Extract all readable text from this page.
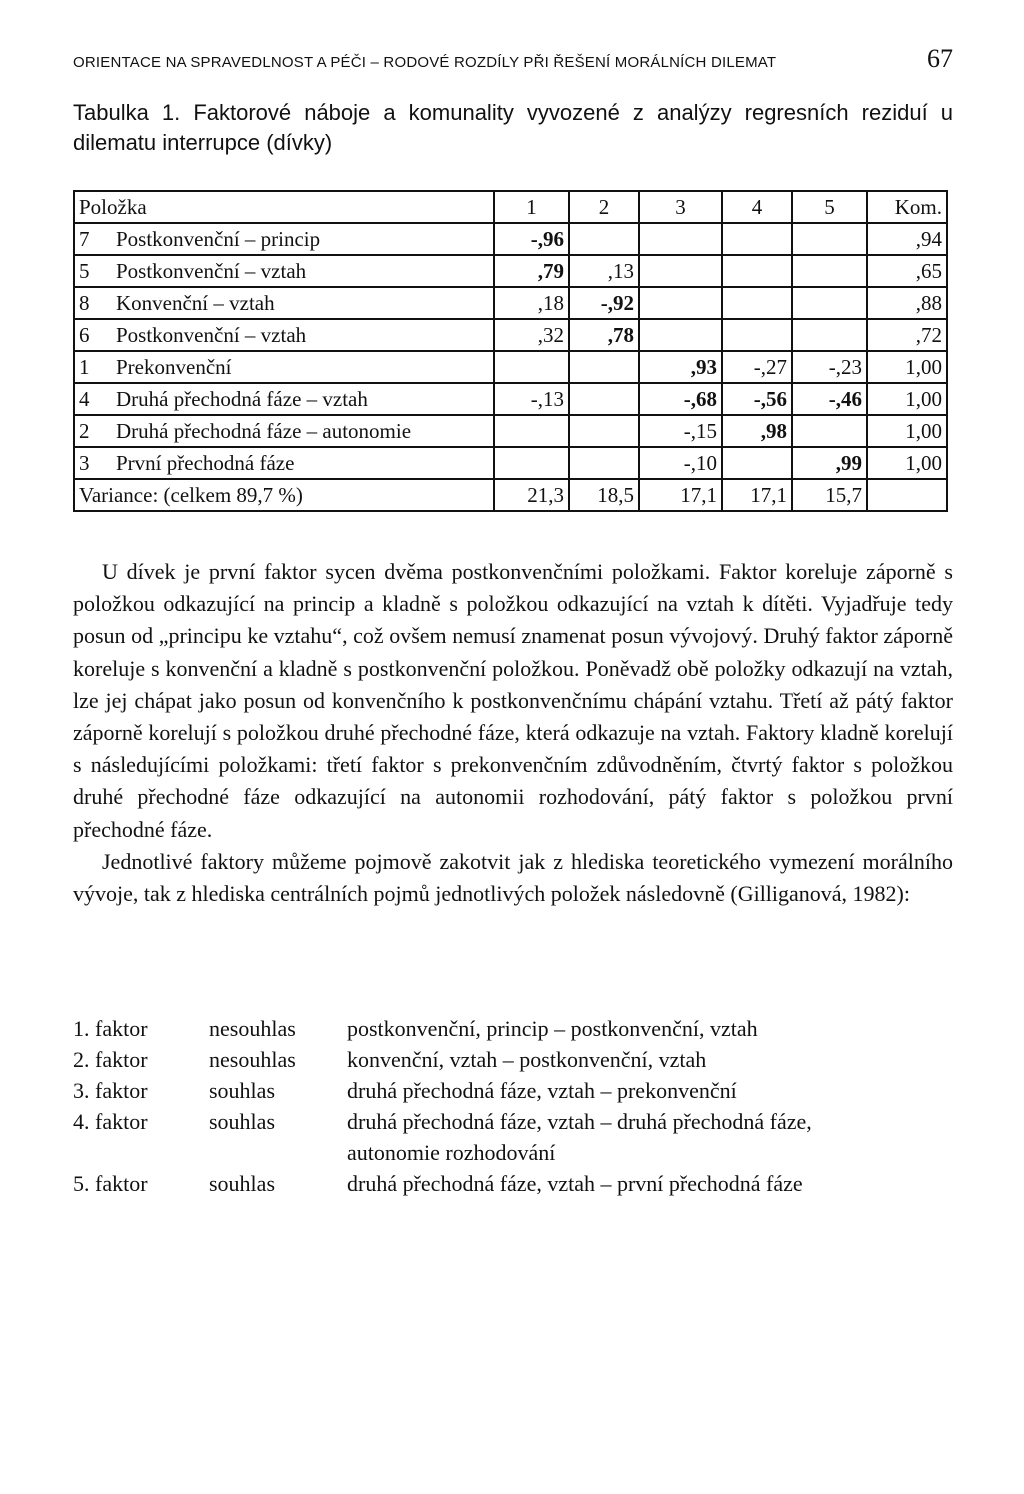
ORIENTACE NA SPRAVEDLNOST A PÉČI – RODOVÉ ROZDÍLY PŘI ŘEŠENÍ MORÁLNÍCH DILEMAT	67
Tabulka 1. Faktorové náboje a komunality vyvozené z analýzy regresních reziduí u dilematu interrupce (dívky)
Položka	1	2	3	4	5	Kom.
7 Postkonvenční – princip	-,96					,94
5 Postkonvenční – vztah	,79	,13				,65
8 Konvenční – vztah	,18	-,92				,88
6 Postkonvenční – vztah	,32	,78				,72
1 Prekonvenční			,93	-,27	-,23	1,00
4 Druhá přechodná fáze – vztah	-,13		-,68	-,56	-,46	1,00
2 Druhá přechodná fáze – autonomie			-,15	,98		1,00
3 První přechodná fáze			-,10		,99	1,00
Variance: (celkem 89,7 %)	21,3	18,5	17,1	17,1	15,7	

U dívek je první faktor sycen dvěma postkonvenčními položkami. Faktor koreluje záporně s položkou odkazující na princip a kladně s položkou odkazující na vztah k dítěti. Vyjadřuje tedy posun od „principu ke vztahu“, což ovšem nemusí znamenat posun vývojový. Druhý faktor záporně koreluje s konvenční a kladně s postkonvenční položkou. Poněvadž obě položky odkazují na vztah, lze jej chápat jako posun od konvenčního k postkonvenčnímu chápání vztahu. Třetí až pátý faktor záporně korelují s položkou druhé přechodné fáze, která odkazuje na vztah. Faktory kladně korelují s následujícími položkami: třetí faktor s prekonvenčním zdůvodněním, čtvrtý faktor s položkou druhé přechodné fáze odkazující na autonomii rozhodování, pátý faktor s položkou první přechodné fáze.

Jednotlivé faktory můžeme pojmově zakotvit jak z hlediska teoretického vymezení morálního vývoje, tak z hlediska centrálních pojmů jednotlivých položek následovně (Gilliganová, 1982):

1. faktor	nesouhlas	postkonvenční, princip – postkonvenční, vztah
2. faktor	nesouhlas	konvenční, vztah – postkonvenční, vztah
3. faktor	souhlas	druhá přechodná fáze, vztah – prekonvenční
4. faktor	souhlas	druhá přechodná fáze, vztah – druhá přechodná fáze,
autonomie rozhodování
5. faktor	souhlas	druhá přechodná fáze, vztah – první přechodná fáze
